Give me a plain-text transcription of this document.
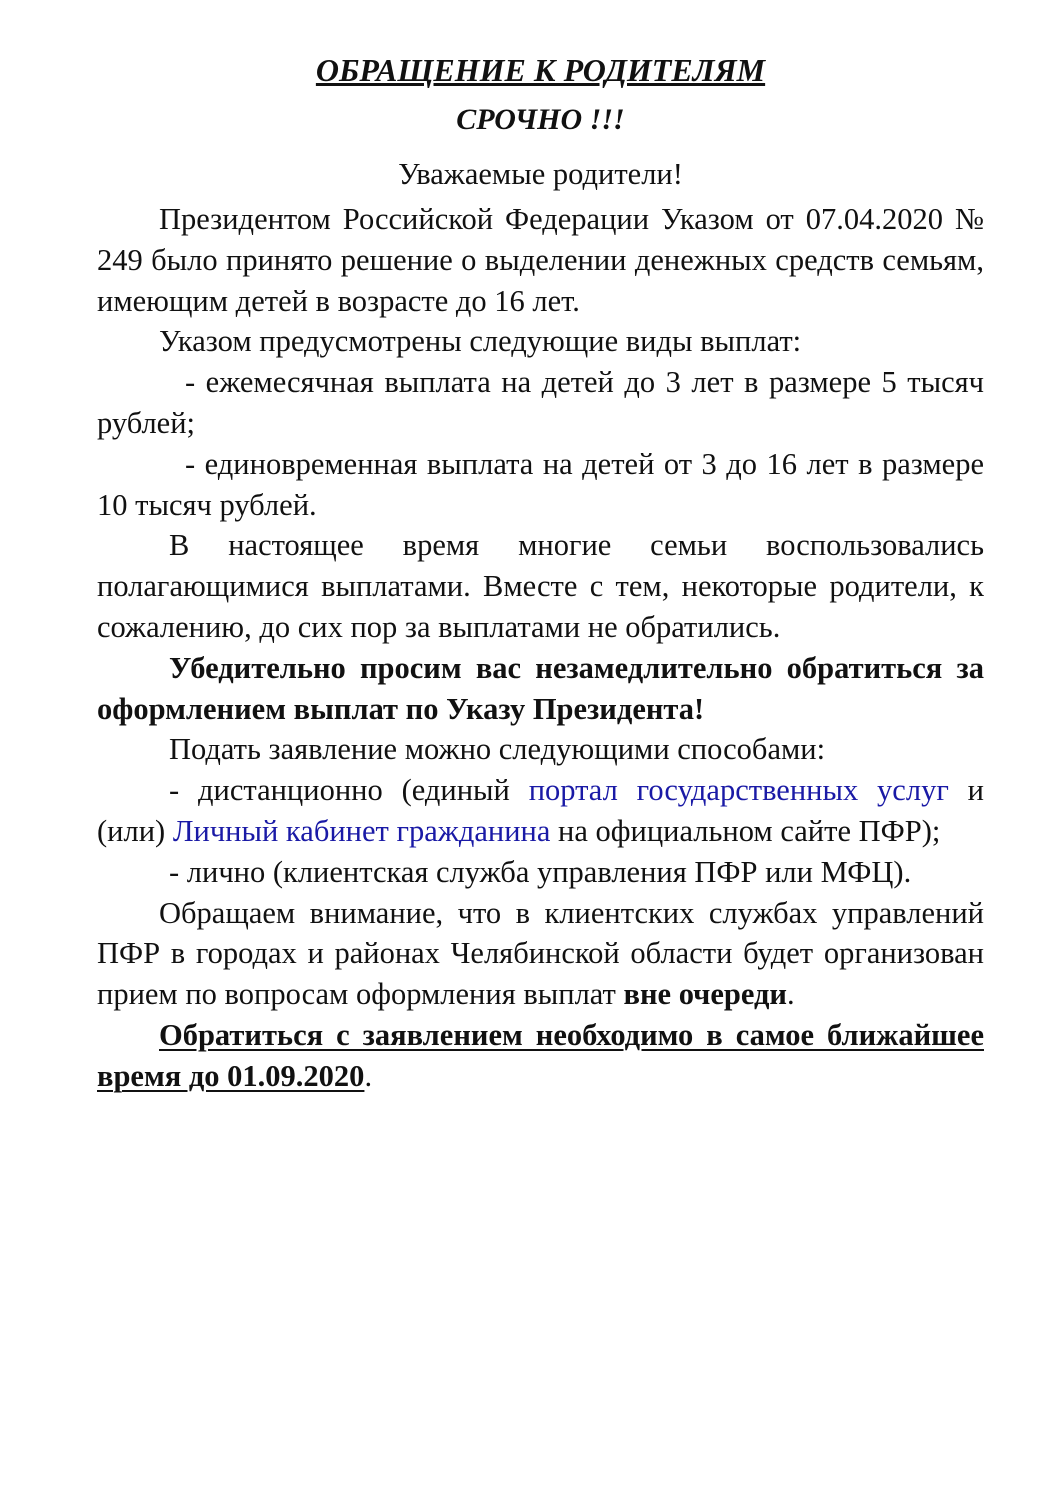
ОБРАЩЕНИЕ К РОДИТЕЛЯМ
СРОЧНО !!!
Уважаемые родители!

Президентом Российской Федерации Указом от 07.04.2020 № 249 было принято решение о выделении денежных средств семьям, имеющим детей в возрасте до 16 лет.

Указом предусмотрены следующие виды выплат:

- ежемесячная выплата на детей до 3 лет в размере 5 тысяч рублей;

- единовременная выплата на детей от 3 до 16 лет в размере 10 тысяч рублей.

В настоящее время многие семьи воспользовались полагающимися выплатами. Вместе с тем, некоторые родители, к сожалению, до сих пор за выплатами не обратились.

Убедительно просим вас незамедлительно обратиться за оформлением выплат по Указу Президента!

Подать заявление можно следующими способами:

- дистанционно (единый портал государственных услуг и (или) Личный кабинет гражданина на официальном сайте ПФР);

- лично (клиентская служба управления ПФР или МФЦ).

Обращаем внимание, что в клиентских службах управлений ПФР в городах и районах Челябинской области будет организован прием по вопросам оформления выплат вне очереди.

Обратиться с заявлением необходимо в самое ближайшее время до 01.09.2020.
